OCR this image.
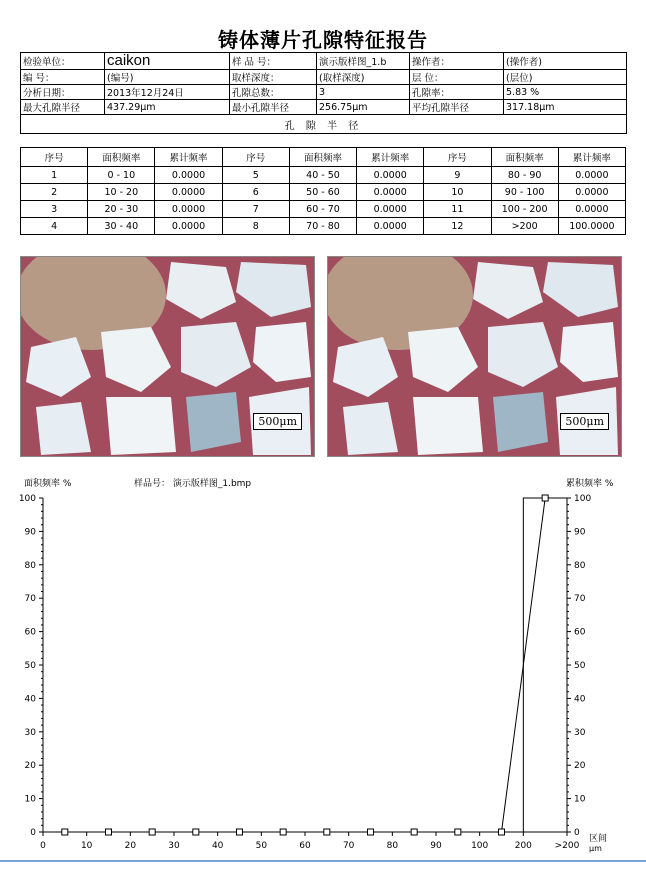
铸体薄片孔隙特征报告
检验单位：	caikon	样 品 号：	演示版样图_1.b	操作者：	(操作者)
编 号：	(编号)	取样深度：	(取样深度)	层 位：	(层位)
分析日期：	2013年12月24日	孔隙总数：	3	孔隙率：	5.83 %
最大孔隙半径	437.29μm	最小孔隙半径	256.75μm	平均孔隙半径	317.18μm
孔 隙 半 径					
序号	面积频率	累计频率	序号	面积频率	累计频率	序号	面积频率	累计频率
1	0 - 10	0.0000	5	40 - 50	0.0000	9	80 - 90	0.0000
2	10 - 20	0.0000	6	50 - 60	0.0000	10	90 - 100	0.0000
3	20 - 30	0.0000	7	60 - 70	0.0000	11	100 - 200	0.0000
4	30 - 40	0.0000	8	70 - 80	0.0000	12	>200	100.0000
500μm	500μm
面积频率 %	样品号： 演示版样图_1.bmp	累积频率 %
0	0
10	10
20	20
30	30
40	40
50	50
60	60
70	70
80	80
90	90
100	100
0	10	20	30	40	50	60	70	80	90	100	200	>200
区间
μm
